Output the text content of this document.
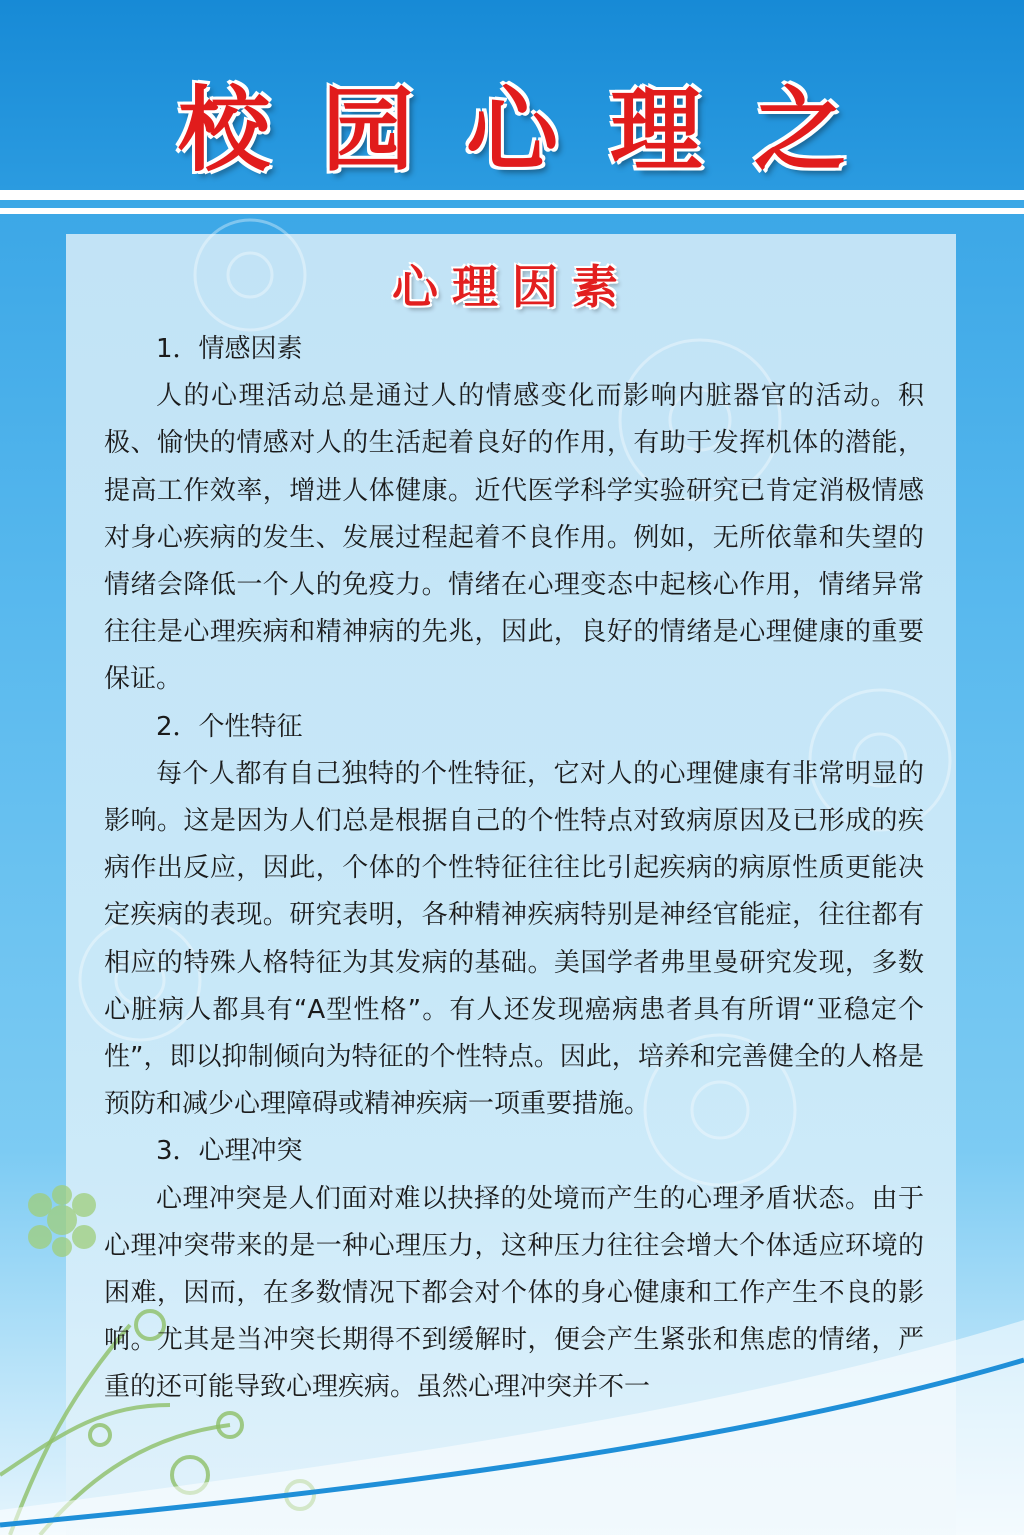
校园心理之
心理因素

1．情感因素

人的心理活动总是通过人的情感变化而影响内脏器官的活动。积极、愉快的情感对人的生活起着良好的作用，有助于发挥机体的潜能，提高工作效率，增进人体健康。近代医学科学实验研究已肯定消极情感对身心疾病的发生、发展过程起着不良作用。例如，无所依靠和失望的情绪会降低一个人的免疫力。情绪在心理变态中起核心作用，情绪异常往往是心理疾病和精神病的先兆，因此，良好的情绪是心理健康的重要保证。

2．个性特征

每个人都有自己独特的个性特征，它对人的心理健康有非常明显的影响。这是因为人们总是根据自己的个性特点对致病原因及已形成的疾病作出反应，因此，个体的个性特征往往比引起疾病的病原性质更能决定疾病的表现。研究表明，各种精神疾病特别是神经官能症，往往都有相应的特殊人格特征为其发病的基础。美国学者弗里曼研究发现，多数心脏病人都具有“A型性格”。有人还发现癌病患者具有所谓“亚稳定个性”，即以抑制倾向为特征的个性特点。因此，培养和完善健全的人格是预防和减少心理障碍或精神疾病一项重要措施。

3．心理冲突

心理冲突是人们面对难以抉择的处境而产生的心理矛盾状态。由于心理冲突带来的是一种心理压力，这种压力往往会增大个体适应环境的困难，因而，在多数情况下都会对个体的身心健康和工作产生不良的影响。尤其是当冲突长期得不到缓解时，便会产生紧张和焦虑的情绪，严重的还可能导致心理疾病。虽然心理冲突并不一
